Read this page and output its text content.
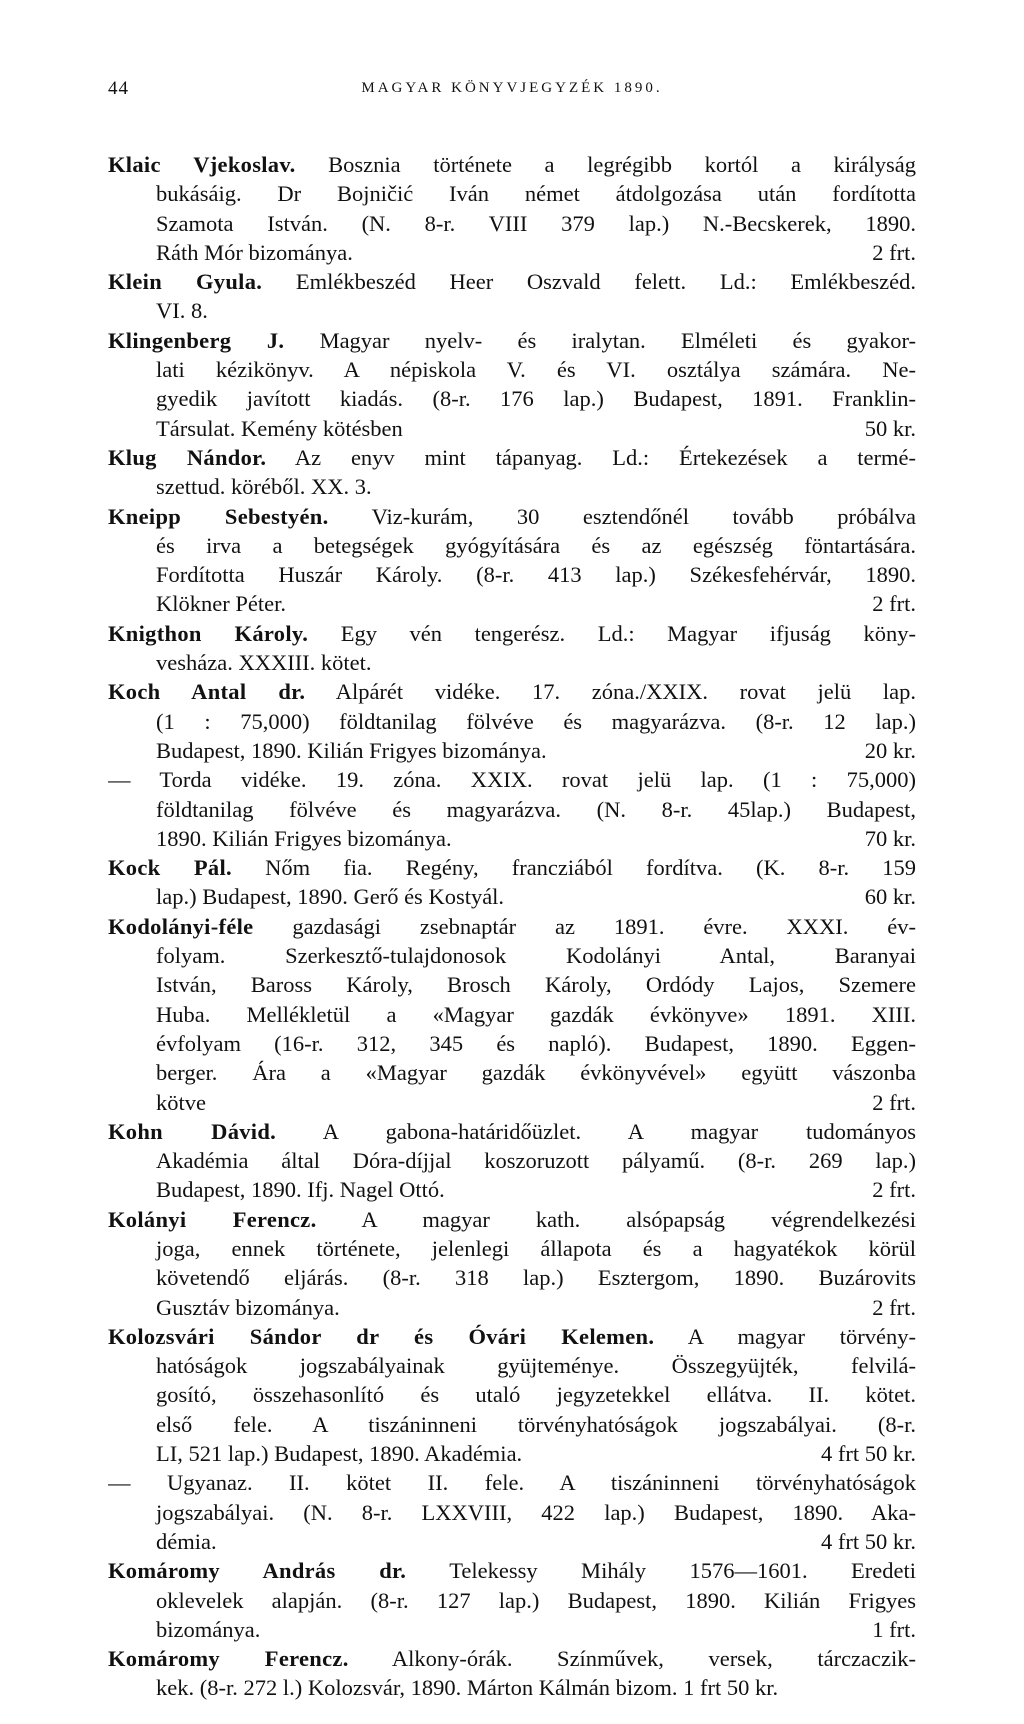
44	MAGYAR KÖNYVJEGYZÉK 1890.
Klaic Vjekoslav. Bosznia története a legrégibb kortól a királyság
bukásáig. Dr Bojničić Iván német átdolgozása után fordította
Szamota István. (N. 8-r. VIII 379 lap.) N.-Becskerek, 1890.
Ráth Mór bizománya.	2 frt.
Klein Gyula. Emlékbeszéd Heer Oszvald felett. Ld.: Emlékbeszéd.
VI. 8.
Klingenberg J. Magyar nyelv- és iralytan. Elméleti és gyakor-
lati kézikönyv. A népiskola V. és VI. osztálya számára. Ne-
gyedik javított kiadás. (8-r. 176 lap.) Budapest, 1891. Franklin-
Társulat. Kemény kötésben	50 kr.
Klug Nándor. Az enyv mint tápanyag. Ld.: Értekezések a termé-
szettud. köréből. XX. 3.
Kneipp Sebestyén. Viz-kurám, 30 esztendőnél tovább próbálva
és irva a betegségek gyógyítására és az egészség föntartására.
Fordította Huszár Károly. (8-r. 413 lap.) Székesfehérvár, 1890.
Klökner Péter.	2 frt.
Knigthon Károly. Egy vén tengerész. Ld.: Magyar ifjuság köny-
vesháza. XXXIII. kötet.
Koch Antal dr. Alpárét vidéke. 17. zóna./XXIX. rovat jelü lap.
(1 : 75,000) földtanilag fölvéve és magyarázva. (8-r. 12 lap.)
Budapest, 1890. Kilián Frigyes bizománya.	20 kr.
— Torda vidéke. 19. zóna. XXIX. rovat jelü lap. (1 : 75,000)
földtanilag fölvéve és magyarázva. (N. 8-r. 45lap.) Budapest,
1890. Kilián Frigyes bizománya.	70 kr.
Kock Pál. Nőm fia. Regény, francziából fordítva. (K. 8-r. 159
lap.) Budapest, 1890. Gerő és Kostyál.	60 kr.
Kodolányi-féle gazdasági zsebnaptár az 1891. évre. XXXI. év-
folyam. Szerkesztő-tulajdonosok Kodolányi Antal, Baranyai
István, Baross Károly, Brosch Károly, Ordódy Lajos, Szemere
Huba. Mellékletül a «Magyar gazdák évkönyve» 1891. XIII.
évfolyam (16-r. 312, 345 és napló). Budapest, 1890. Eggen-
berger. Ára a «Magyar gazdák évkönyvével» együtt vászonba
kötve	2 frt.
Kohn Dávid. A gabona-határidőüzlet. A magyar tudományos
Akadémia által Dóra-díjjal koszoruzott pályamű. (8-r. 269 lap.)
Budapest, 1890. Ifj. Nagel Ottó.	2 frt.
Kolányi Ferencz. A magyar kath. alsópapság végrendelkezési
joga, ennek története, jelenlegi állapota és a hagyatékok körül
követendő eljárás. (8-r. 318 lap.) Esztergom, 1890. Buzárovits
Gusztáv bizománya.	2 frt.
Kolozsvári Sándor dr és Óvári Kelemen. A magyar törvény-
hatóságok jogszabályainak gyüjteménye. Összegyüjték, felvilá-
gosító, összehasonlító és utaló jegyzetekkel ellátva. II. kötet.
első fele. A tiszáninneni törvényhatóságok jogszabályai. (8-r.
LI, 521 lap.) Budapest, 1890. Akadémia.	4 frt 50 kr.
— Ugyanaz. II. kötet II. fele. A tiszáninneni törvényhatóságok
jogszabályai. (N. 8-r. LXXVIII, 422 lap.) Budapest, 1890. Aka-
démia.	4 frt 50 kr.
Komáromy András dr. Telekessy Mihály 1576—1601. Eredeti
oklevelek alapján. (8-r. 127 lap.) Budapest, 1890. Kilián Frigyes
bizománya.	1 frt.
Komáromy Ferencz. Alkony-órák. Színművek, versek, tárczaczik-
kek. (8-r. 272 l.) Kolozsvár, 1890. Márton Kálmán bizom. 1 frt 50 kr.
